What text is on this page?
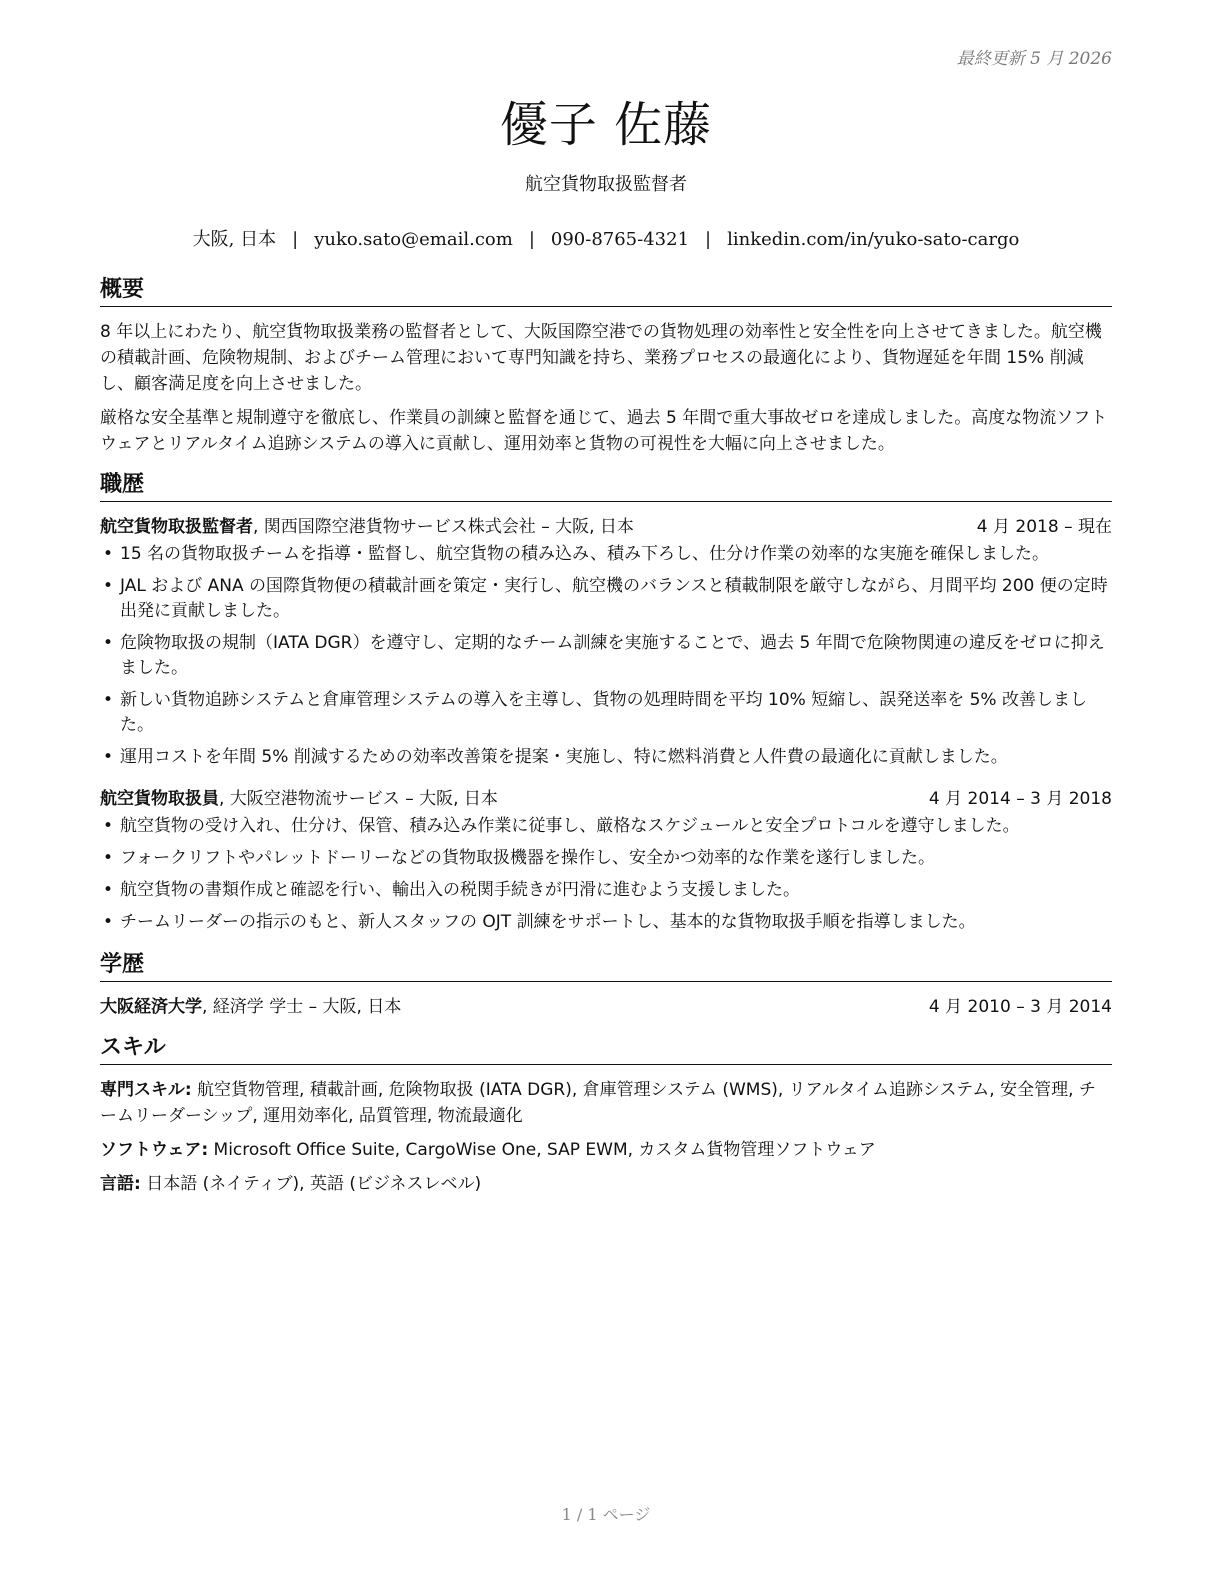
最終更新 5 月 2026
優子 佐藤
航空貨物取扱監督者
大阪, 日本 | yuko.sato@email.com | 090-8765-4321 | linkedin.com/in/yuko-sato-cargo
概要

8 年以上にわたり、航空貨物取扱業務の監督者として、大阪国際空港での貨物処理の効率性と安全性を向上させてきました。航空機の積載計画、危険物規制、およびチーム管理において専門知識を持ち、業務プロセスの最適化により、貨物遅延を年間 15% 削減し、顧客満足度を向上させました。

厳格な安全基準と規制遵守を徹底し、作業員の訓練と監督を通じて、過去 5 年間で重大事故ゼロを達成しました。高度な物流ソフトウェアとリアルタイム追跡システムの導入に貢献し、運用効率と貨物の可視性を大幅に向上させました。

職歴
航空貨物取扱監督者, 関西国際空港貨物サービス株式会社 – 大阪, 日本	4 月 2018 – 現在
• 15 名の貨物取扱チームを指導・監督し、航空貨物の積み込み、積み下ろし、仕分け作業の効率的な実施を確保しました。
• JAL および ANA の国際貨物便の積載計画を策定・実行し、航空機のバランスと積載制限を厳守しながら、月間平均 200 便の定時出発に貢献しました。
• 危険物取扱の規制（IATA DGR）を遵守し、定期的なチーム訓練を実施することで、過去 5 年間で危険物関連の違反をゼロに抑えました。
• 新しい貨物追跡システムと倉庫管理システムの導入を主導し、貨物の処理時間を平均 10% 短縮し、誤発送率を 5% 改善しました。
• 運用コストを年間 5% 削減するための効率改善策を提案・実施し、特に燃料消費と人件費の最適化に貢献しました。
航空貨物取扱員, 大阪空港物流サービス – 大阪, 日本	4 月 2014 – 3 月 2018
• 航空貨物の受け入れ、仕分け、保管、積み込み作業に従事し、厳格なスケジュールと安全プロトコルを遵守しました。
• フォークリフトやパレットドーリーなどの貨物取扱機器を操作し、安全かつ効率的な作業を遂行しました。
• 航空貨物の書類作成と確認を行い、輸出入の税関手続きが円滑に進むよう支援しました。
• チームリーダーの指示のもと、新人スタッフの OJT 訓練をサポートし、基本的な貨物取扱手順を指導しました。
学歴
大阪経済大学, 経済学 学士 – 大阪, 日本	4 月 2010 – 3 月 2014
スキル
専門スキル: 航空貨物管理, 積載計画, 危険物取扱 (IATA DGR), 倉庫管理システム (WMS), リアルタイム追跡システム, 安全管理, チームリーダーシップ, 運用効率化, 品質管理, 物流最適化
ソフトウェア: Microsoft Office Suite, CargoWise One, SAP EWM, カスタム貨物管理ソフトウェア
言語: 日本語 (ネイティブ), 英語 (ビジネスレベル)
1 / 1 ページ
